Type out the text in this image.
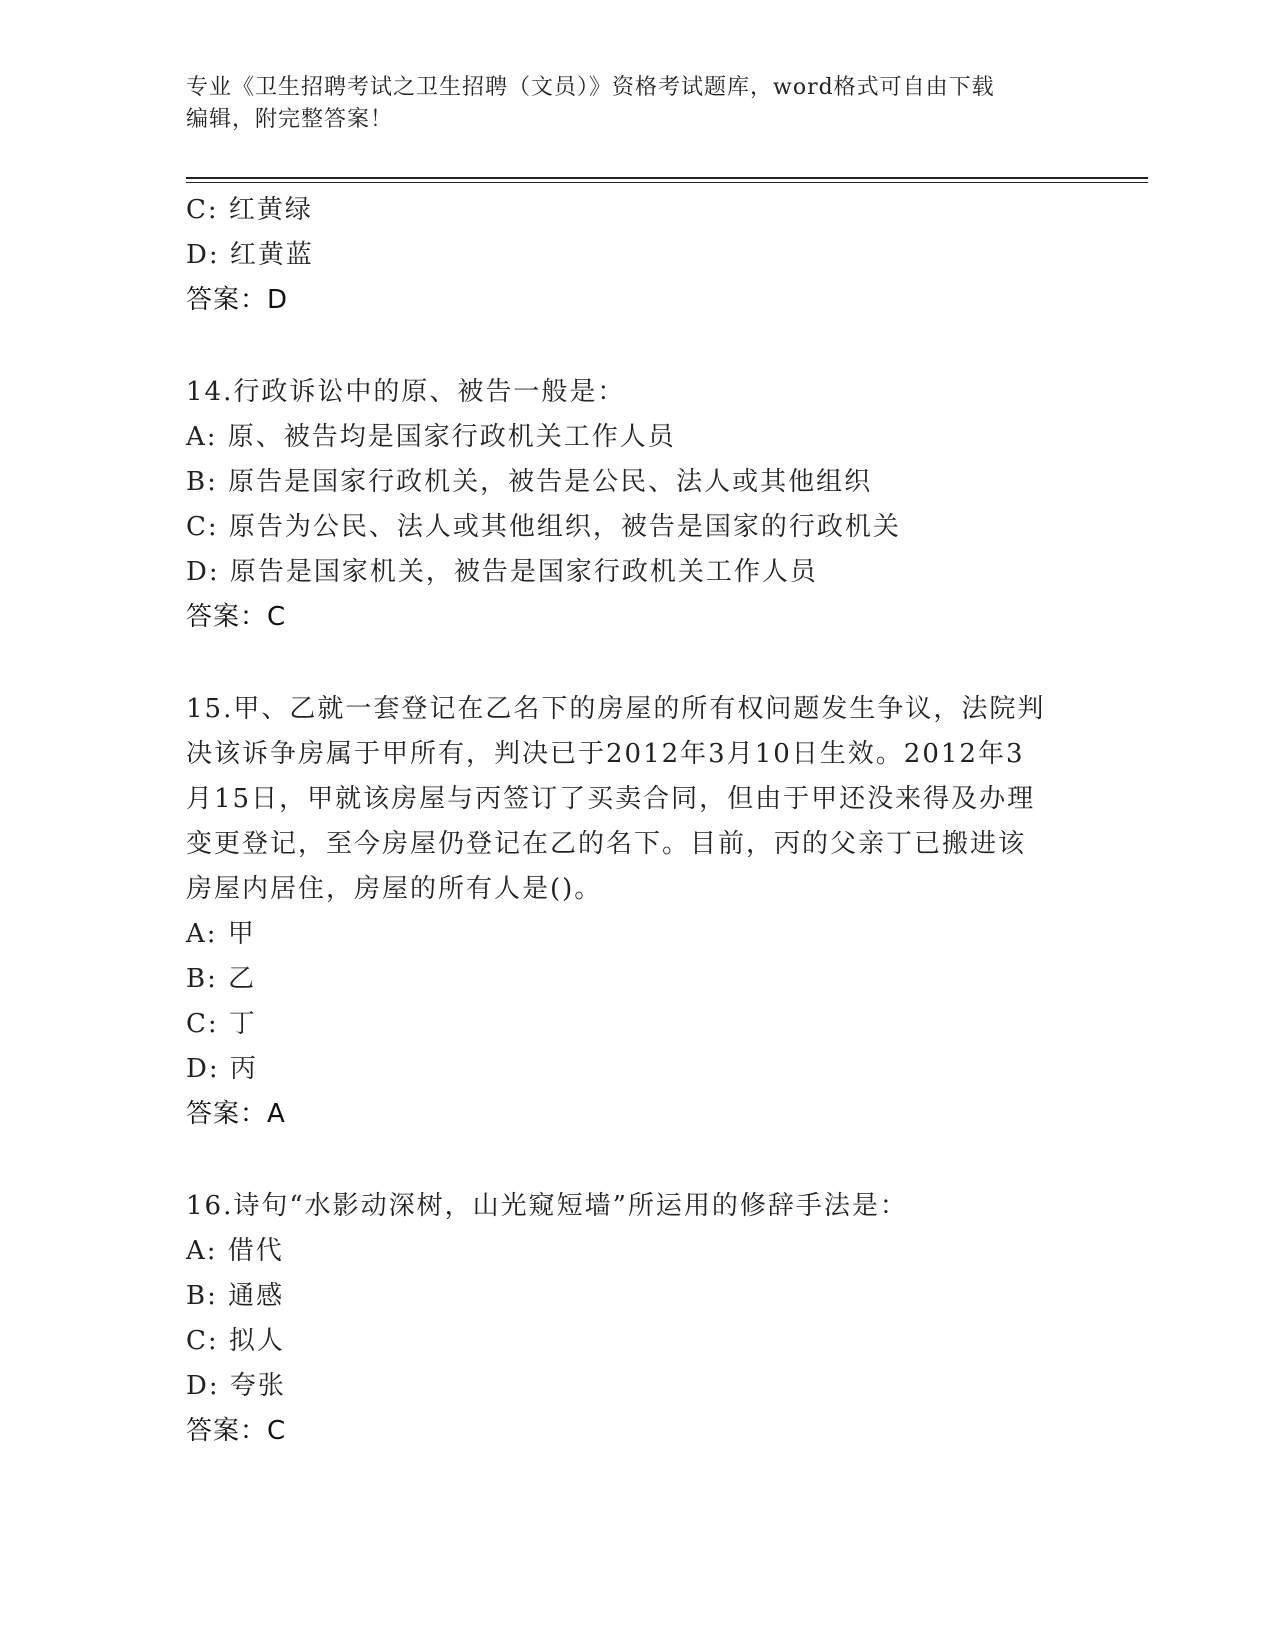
专业《卫生招聘考试之卫生招聘（文员）》资格考试题库，word格式可自由下载
编辑，附完整答案！
C: 红黄绿
D: 红黄蓝
答案：D
14.行政诉讼中的原、被告一般是：
A: 原、被告均是国家行政机关工作人员
B: 原告是国家行政机关，被告是公民、法人或其他组织
C: 原告为公民、法人或其他组织，被告是国家的行政机关
D: 原告是国家机关，被告是国家行政机关工作人员
答案：C
15.甲、乙就一套登记在乙名下的房屋的所有权问题发生争议，法院判
决该诉争房属于甲所有，判决已于2012年3月10日生效。2012年3
月15日，甲就该房屋与丙签订了买卖合同，但由于甲还没来得及办理
变更登记，至今房屋仍登记在乙的名下。目前，丙的父亲丁已搬进该
房屋内居住，房屋的所有人是()。
A: 甲
B: 乙
C: 丁
D: 丙
答案：A
16.诗句“水影动深树，山光窥短墙”所运用的修辞手法是：
A: 借代
B: 通感
C: 拟人
D: 夸张
答案：C
